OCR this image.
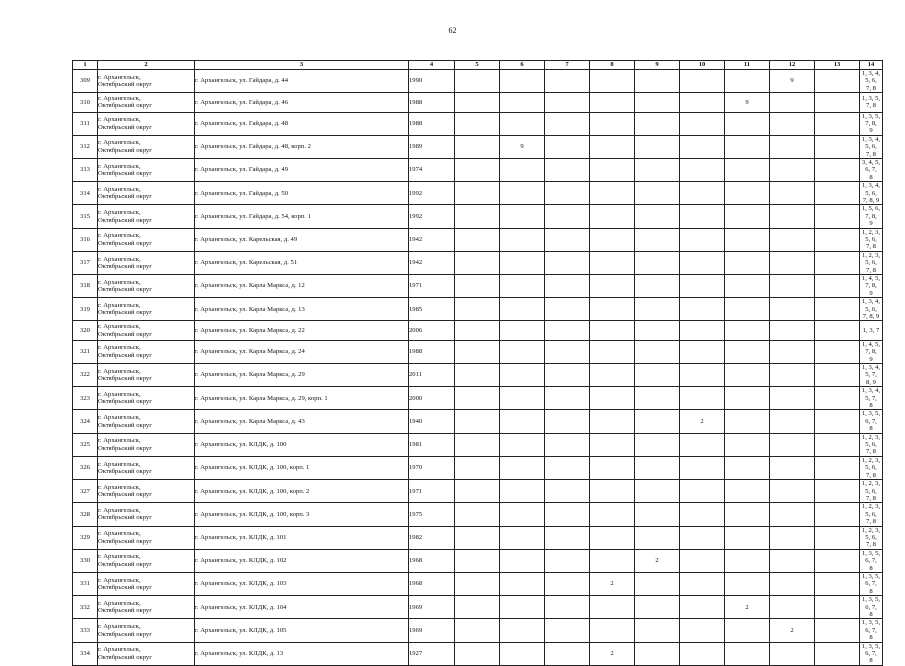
62
1	2	3	4	5	6	7	8	9	10	11	12	13	14
309	г. Архангельск,
Октябрьский округ	г. Архангельск, ул. Гайдара, д. 44	1990								9		1, 3, 4, 5, 6,
7, 8
310	г. Архангельск,
Октябрьский округ	г. Архангельск, ул. Гайдара, д. 46	1988							9			1, 3, 5, 7, 8
311	г. Архангельск,
Октябрьский округ	г. Архангельск, ул. Гайдара, д. 48	1988										1, 3, 5, 7, 8,
9
312	г. Архангельск,
Октябрьский округ	г. Архангельск, ул. Гайдара, д. 48, корп. 2	1989		9								1, 3, 4, 5, 6,
7, 8
313	г. Архангельск,
Октябрьский округ	г. Архангельск, ул. Гайдара, д. 49	1974										3, 4, 5, 6, 7,
8
314	г. Архангельск,
Октябрьский округ	г. Архангельск, ул. Гайдара, д. 50	1992										1, 3, 4, 5, 6,
7, 8, 9
315	г. Архангельск,
Октябрьский округ	г. Архангельск, ул. Гайдара, д. 54, корп. 1	1992										1, 5, 6, 7, 8,
9
316	г. Архангельск,
Октябрьский округ	г. Архангельск, ул. Карельская, д. 49	1942										1, 2, 3, 5, 6,
7, 8
317	г. Архангельск,
Октябрьский округ	г. Архангельск, ул. Карельская, д. 51	1942										1, 2, 3, 5, 6,
7, 8
318	г. Архангельск,
Октябрьский округ	г. Архангельск, ул. Карла Маркса, д. 12	1971										1, 4, 5, 7, 8,
9
319	г. Архангельск,
Октябрьский округ	г. Архангельск, ул. Карла Маркса, д. 13	1985										1, 3, 4, 5, 6,
7, 8, 9
320	г. Архангельск,
Октябрьский округ	г. Архангельск, ул. Карла Маркса, д. 22	2006										1, 3, 7
321	г. Архангельск,
Октябрьский округ	г. Архангельск, ул. Карла Маркса, д. 24	1988										1, 4, 5, 7, 8,
9
322	г. Архангельск,
Октябрьский округ	г. Архангельск, ул. Карла Маркса, д. 29	2011										1, 3, 4, 5, 7,
8, 9
323	г. Архангельск,
Октябрьский округ	г. Архангельск, ул. Карла Маркса, д. 29, корп. 1	2000										1, 3, 4, 5, 7,
8
324	г. Архангельск,
Октябрьский округ	г. Архангельск, ул. Карла Маркса, д. 43	1940						2				1, 3, 5, 6, 7,
8
325	г. Архангельск,
Октябрьский округ	г. Архангельск, ул. КЛДК, д. 100	1981										1, 2, 3, 5, 6,
7, 8
326	г. Архангельск,
Октябрьский округ	г. Архангельск, ул. КЛДК, д. 100, корп. 1	1970										1, 2, 3, 5, 6,
7, 8
327	г. Архангельск,
Октябрьский округ	г. Архангельск, ул. КЛДК, д. 100, корп. 2	1971										1, 2, 3, 5, 6,
7, 8
328	г. Архангельск,
Октябрьский округ	г. Архангельск, ул. КЛДК, д. 100, корп. 3	1975										1, 2, 3, 5, 6,
7, 8
329	г. Архангельск,
Октябрьский округ	г. Архангельск, ул. КЛДК, д. 101	1982										1, 2, 3, 5, 6,
7, 8
330	г. Архангельск,
Октябрьский округ	г. Архангельск, ул. КЛДК, д. 102	1968					2					1, 3, 5, 6, 7,
8
331	г. Архангельск,
Октябрьский округ	г. Архангельск, ул. КЛДК, д. 103	1968				2						1, 3, 5, 6, 7,
8
332	г. Архангельск,
Октябрьский округ	г. Архангельск, ул. КЛДК, д. 104	1969							2			1, 3, 5, 6, 7,
8
333	г. Архангельск,
Октябрьский округ	г. Архангельск, ул. КЛДК, д. 105	1969								2		1, 3, 5, 6, 7,
8
334	г. Архангельск,
Октябрьский округ	г. Архангельск, ул. КЛДК, д. 13	1927				2						1, 3, 5, 6, 7,
8
